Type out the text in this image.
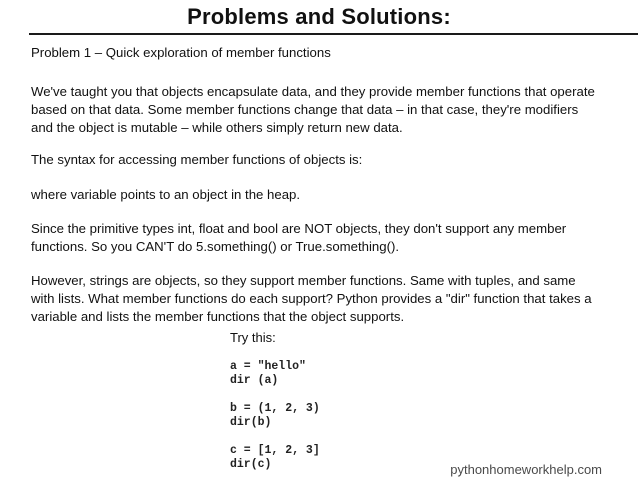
Problems and Solutions:
Problem 1 – Quick exploration of member functions
We've taught you that objects encapsulate data, and they provide member functions that operate
based on that data. Some member functions change that data – in that case, they're modifiers
and the object is mutable – while others simply return new data.
The syntax for accessing member functions of objects is:
where variable points to an object in the heap.
Since the primitive types int, float and bool are NOT objects, they don't support any member
functions. So you CAN'T do 5.something() or True.something().
However, strings are objects, so they support member functions. Same with tuples, and same
with lists. What member functions do each support? Python provides a "dir" function that takes a
variable and lists the member functions that the object supports.
Try this:
a = "hello"
dir (a)
b = (1, 2, 3)
dir(b)
c = [1, 2, 3]
dir(c)	pythonhomeworkhelp.com
